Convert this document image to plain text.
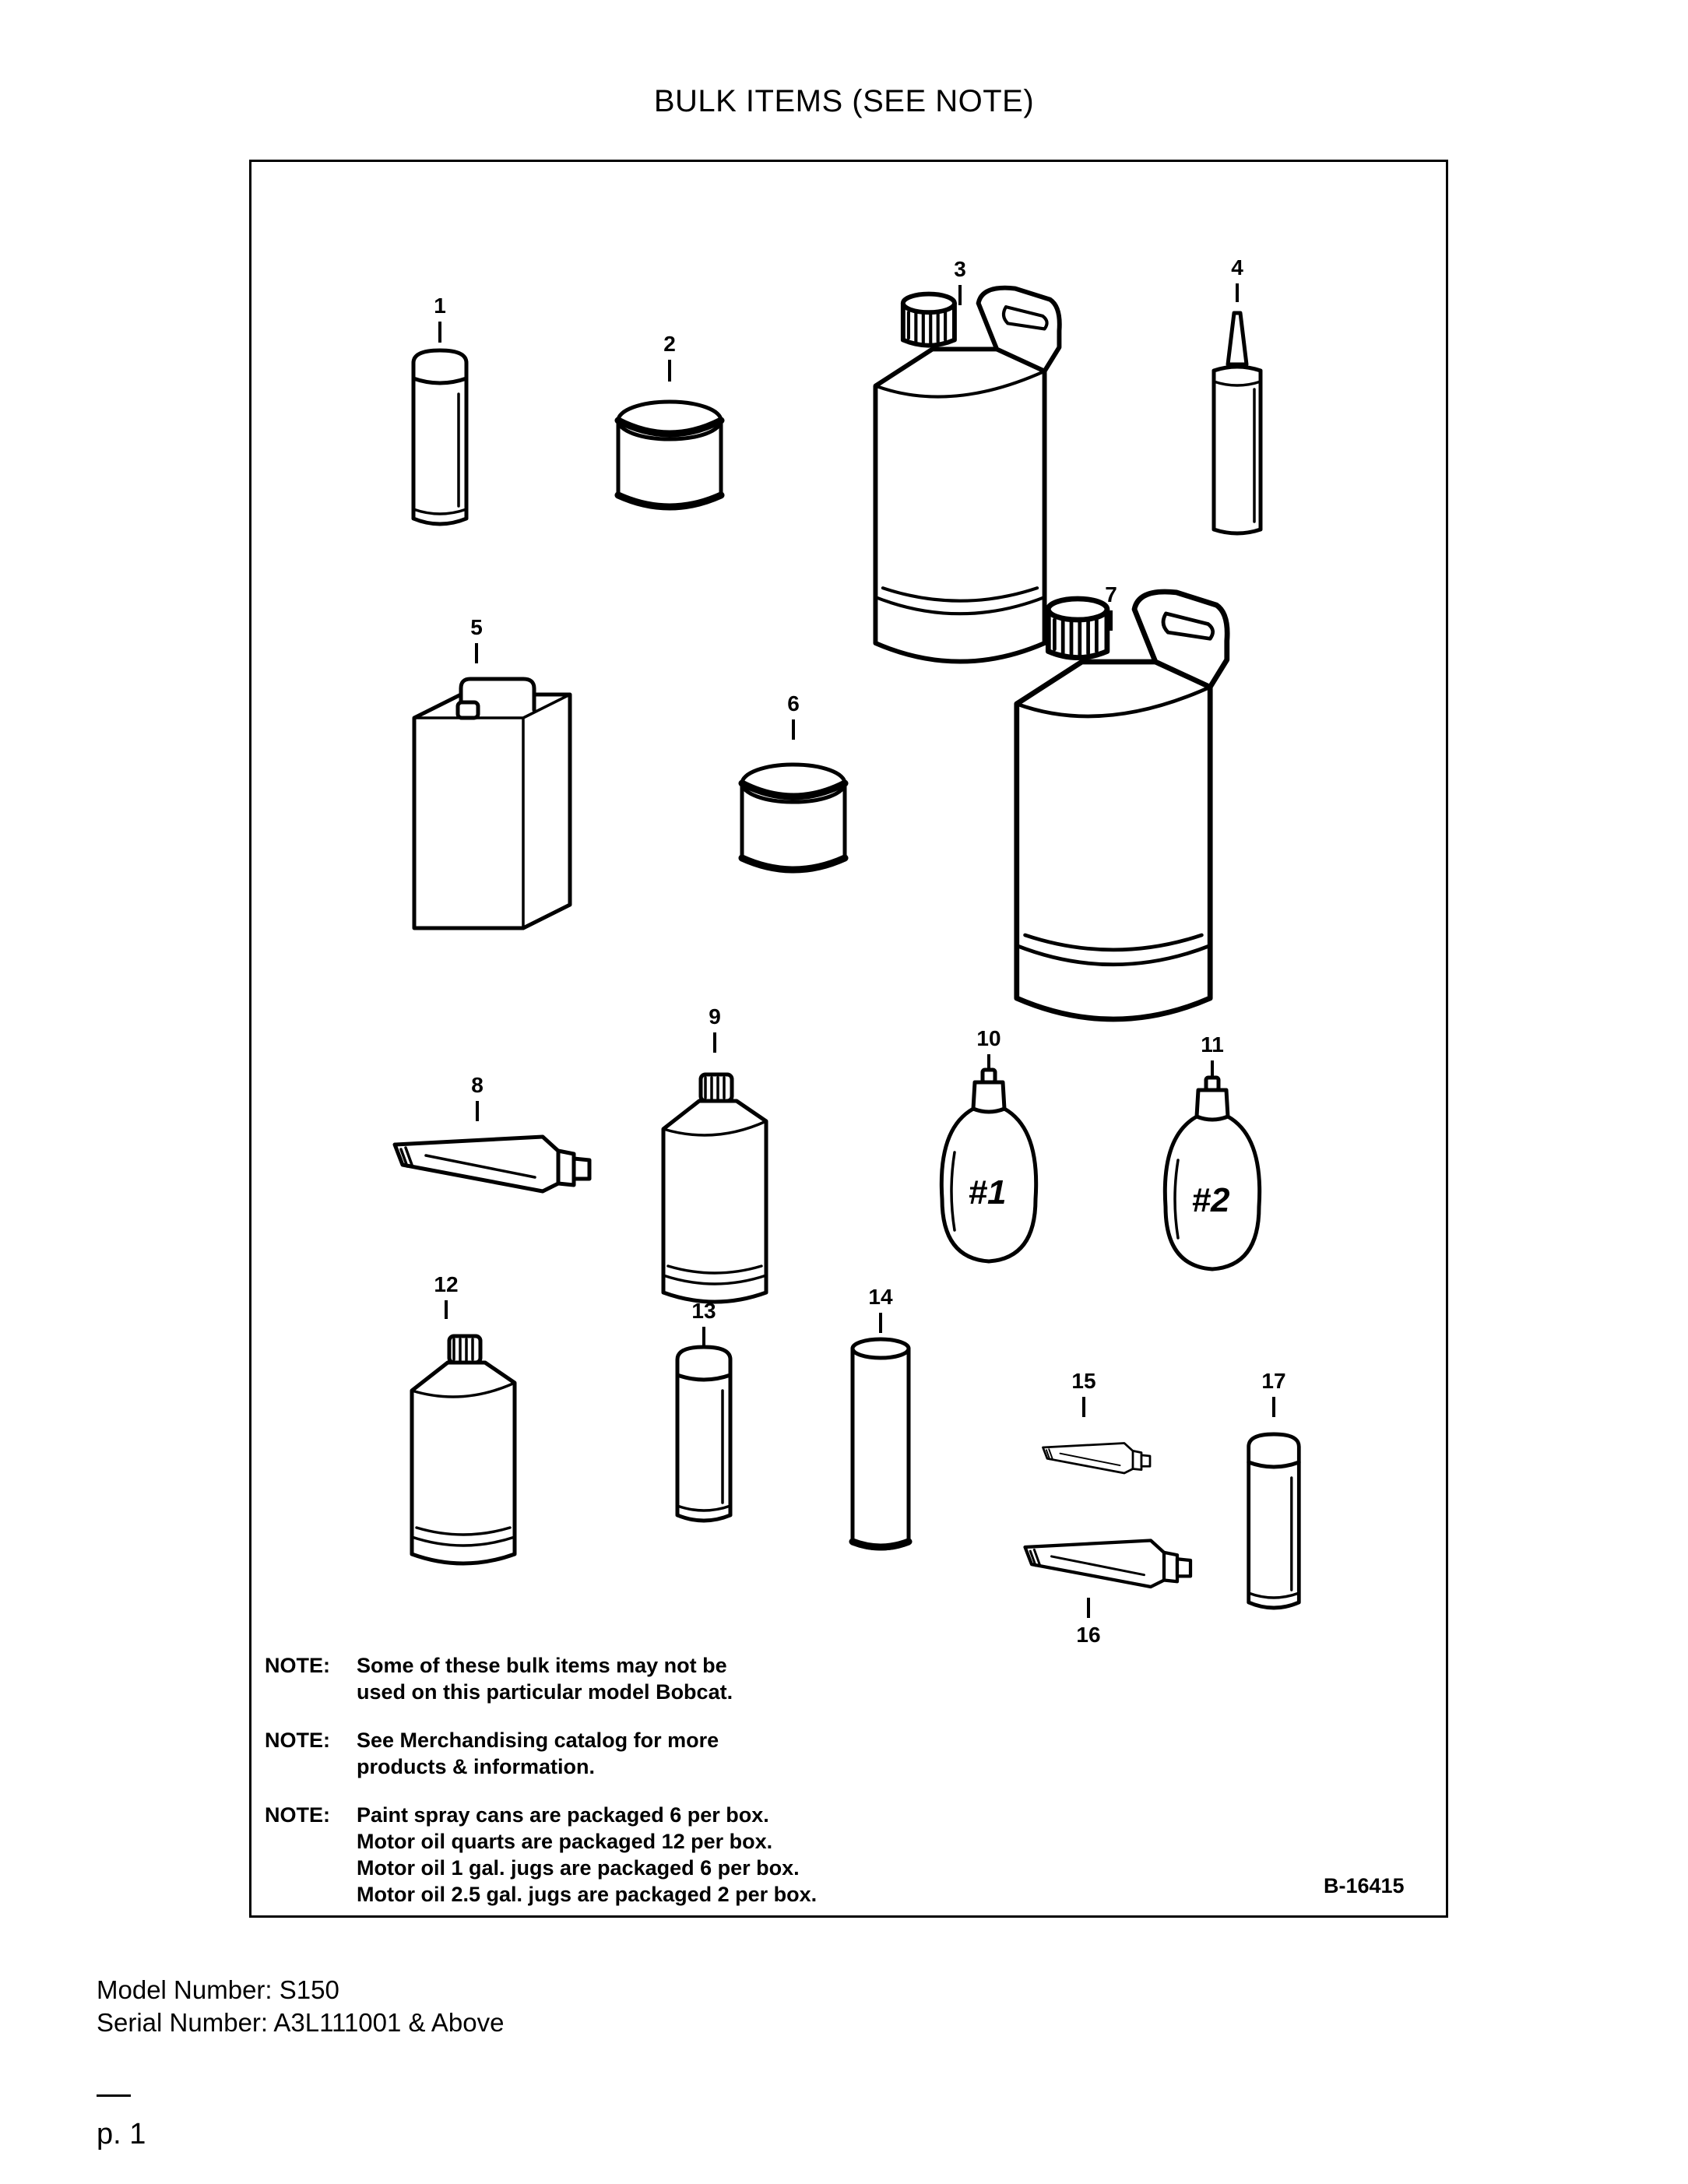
BULK ITEMS (SEE NOTE)
1
2
3	4
5
6
7
8
9
10	11
12
13
14
15
16
17
#1	#2
NOTE:	Some of these bulk items may not be
used on this particular model Bobcat.
NOTE:	See Merchandising catalog for more
products & information.
NOTE:	Paint spray cans are packaged 6 per box.
Motor oil quarts are packaged 12 per box.
Motor oil 1 gal. jugs are packaged 6 per box.
Motor oil 2.5 gal. jugs are packaged 2 per box.	B-16415
Model Number: S150
Serial Number: A3L111001 & Above
p. 1
